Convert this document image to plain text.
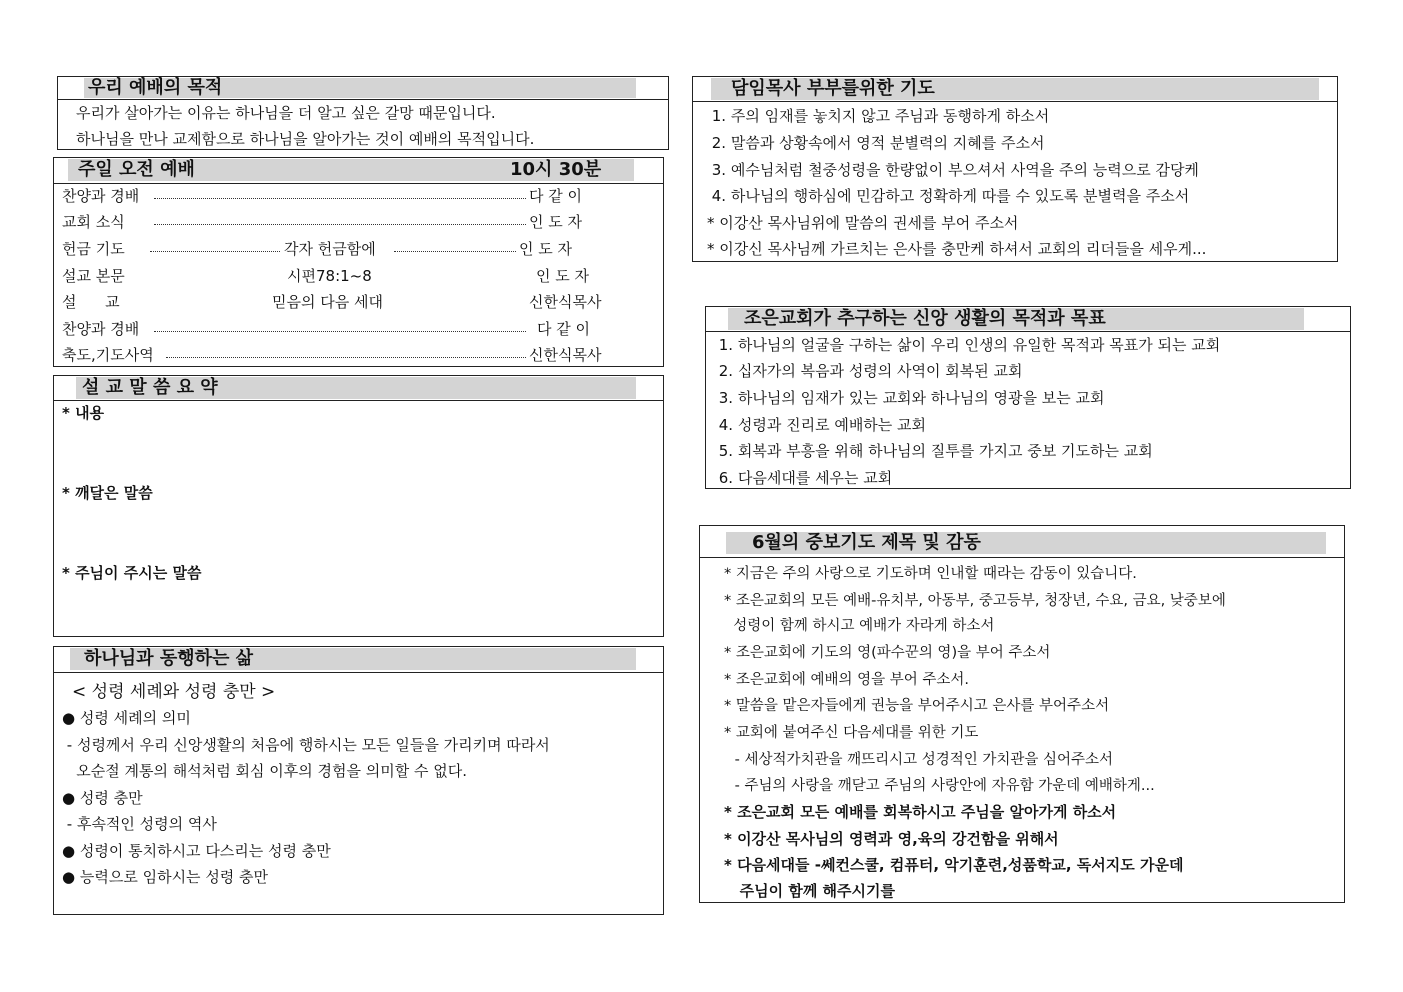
우리 예배의 목적
우리가 살아가는 이유는 하나님을 더 알고 싶은 갈망 때문입니다.
하나님을 만나 교제함으로 하나님을 알아가는 것이 예배의 목적입니다.
주일 오전 예배	10시 30분
찬양과 경배	다 같 이
교회 소식	인 도 자
헌금 기도	각자 헌금함에	인 도 자
설교 본문	시편78:1~8	인 도 자
설      교	믿음의 다음 세대	신한식목사
찬양과 경배	다 같 이
축도,기도사역	신한식목사
설 교 말 씀 요 약
* 내용
* 깨달은 말씀
* 주님이 주시는 말씀
하나님과 동행하는 삶
< 성령 세례와 성령 충만 >
● 성령 세례의 의미
- 성령께서 우리 신앙생활의 처음에 행하시는 모든 일들을 가리키며 따라서
오순절 계통의 해석처럼 회심 이후의 경험을 의미할 수 없다.
● 성령 충만
- 후속적인 성령의 역사
● 성령이 통치하시고 다스리는 성령 충만
● 능력으로 임하시는 성령 충만
담임목사 부부를위한 기도
1. 주의 임재를 놓치지 않고 주님과 동행하게 하소서
2. 말씀과 상황속에서 영적 분별력의 지혜를 주소서
3. 예수님처럼 철중성령을 한량없이 부으셔서 사역을 주의 능력으로 감당케
4. 하나님의 행하심에 민감하고 정확하게 따를 수 있도록 분별력을 주소서
* 이강산 목사님위에 말씀의 권세를 부어 주소서
* 이강신 목사님께 가르치는 은사를 충만케 하셔서 교회의 리더들을 세우게...
조은교회가 추구하는 신앙 생활의 목적과 목표
1. 하나님의 얼굴을 구하는 삶이 우리 인생의 유일한 목적과 목표가 되는 교회
2. 십자가의 복음과 성령의 사역이 회복된 교회
3. 하나님의 임재가 있는 교회와 하나님의 영광을 보는 교회
4. 성령과 진리로 예배하는 교회
5. 회복과 부흥을 위해 하나님의 질투를 가지고 중보 기도하는 교회
6. 다음세대를 세우는 교회
6월의 중보기도 제목 및 감동
* 지금은 주의 사랑으로 기도하며 인내할 때라는 감동이 있습니다.
* 조은교회의 모든 예배-유치부, 아동부, 중고등부, 청장년, 수요, 금요, 낮중보에
성령이 함께 하시고 예배가 자라게 하소서
* 조은교회에 기도의 영(파수꾼의 영)을 부어 주소서
* 조은교회에 예배의 영을 부어 주소서.
* 말씀을 맡은자들에게 권능을 부어주시고 은사를 부어주소서
* 교회에 붙여주신 다음세대를 위한 기도
- 세상적가치관을 깨뜨리시고 성경적인 가치관을 심어주소서
- 주님의 사랑을 깨닫고 주님의 사랑안에 자유함 가운데 예배하게...
* 조은교회 모든 예배를 회복하시고 주님을 알아가게 하소서
* 이강산 목사님의 영력과 영,육의 강건함을 위해서
* 다음세대들 -쎄컨스쿨, 컴퓨터, 악기훈련,성품학교, 독서지도 가운데
주님이 함께 해주시기를
